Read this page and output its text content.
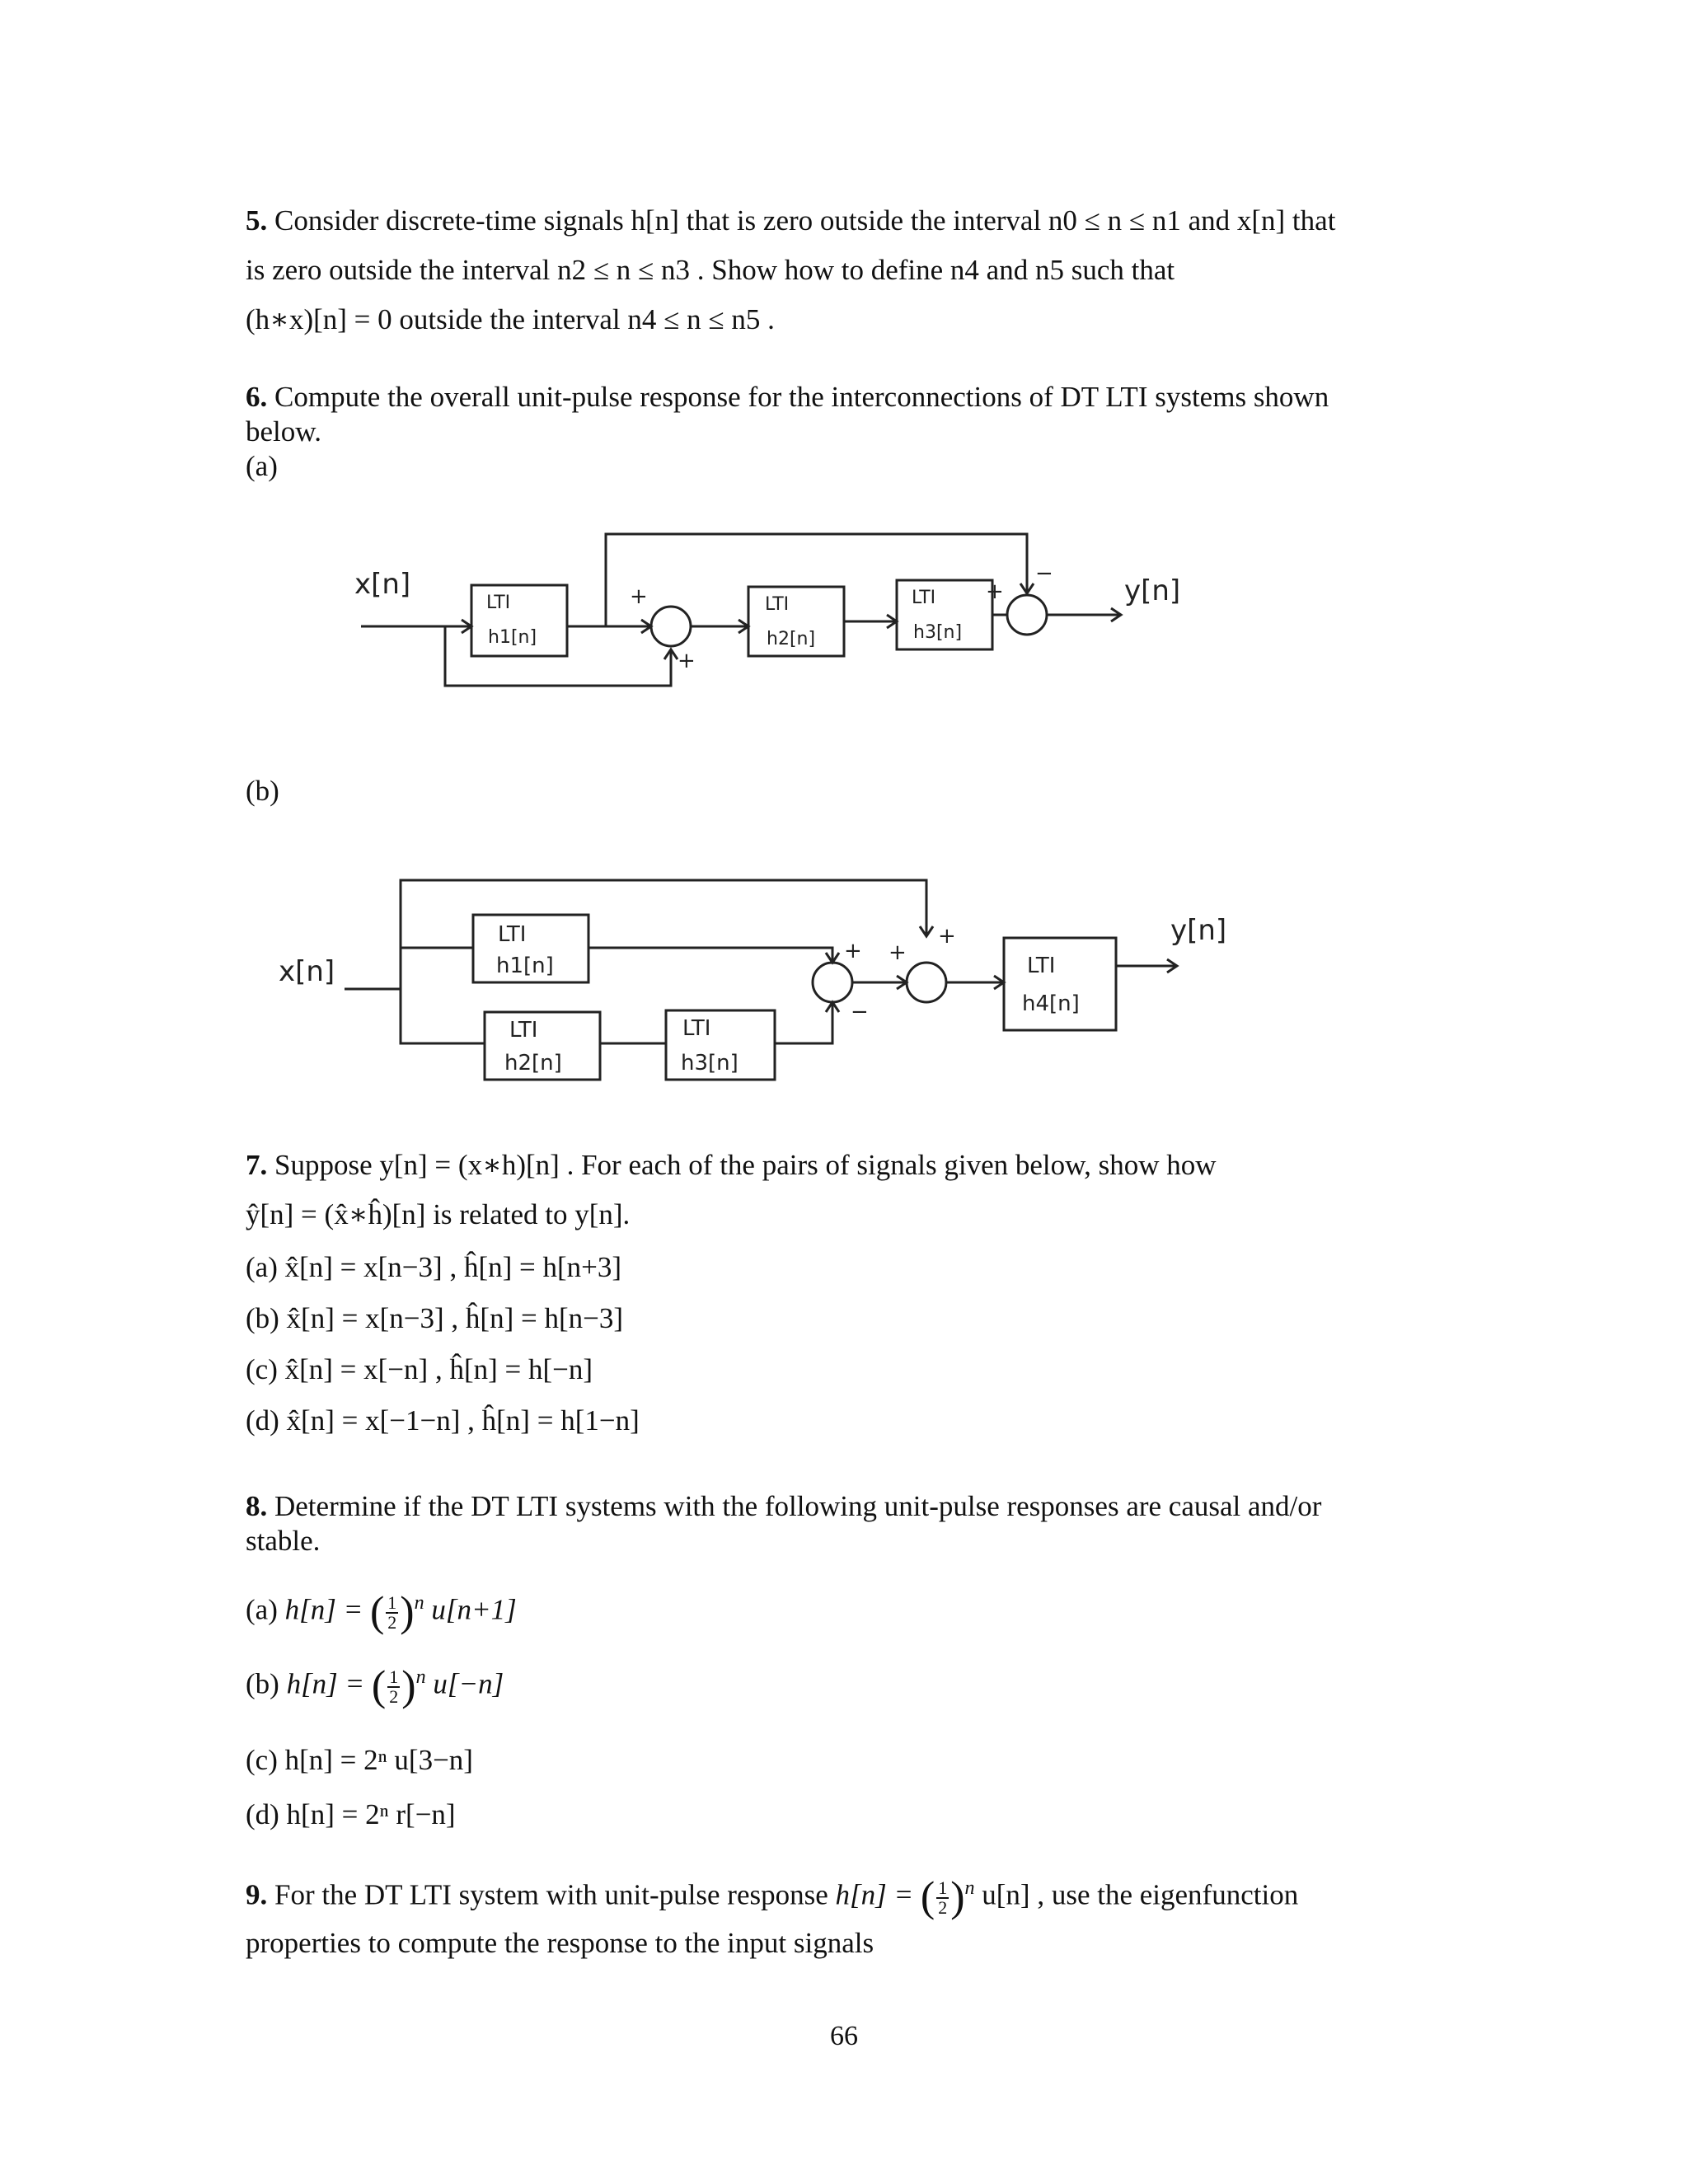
5. Consider discrete-time signals h[n] that is zero outside the interval n0 ≤ n ≤ n1 and x[n] that
is zero outside the interval n2 ≤ n ≤ n3 . Show how to define n4 and n5 such that
(h∗x)[n] = 0 outside the interval n4 ≤ n ≤ n5 .
6. Compute the overall unit-pulse response for the interconnections of DT LTI systems shown
below.
(a)
x[n]	y[n]
LTI
h1[n]
LTI
h2[n]
LTI
h3[n]
+
+
+
−
(b)
x[n]
y[n]
LTI
h1[n]
LTI
h2[n]
LTI
h3[n]
LTI
h4[n]
+
−
+
+
7. Suppose y[n] = (x∗h)[n] . For each of the pairs of signals given below, show how
ŷ[n] = (x̂∗ĥ)[n] is related to y[n].
(a) x̂[n] = x[n−3] , ĥ[n] = h[n+3]
(b) x̂[n] = x[n−3] , ĥ[n] = h[n−3]
(c) x̂[n] = x[−n] , ĥ[n] = h[−n]
(d) x̂[n] = x[−1−n] , ĥ[n] = h[1−n]
8. Determine if the DT LTI systems with the following unit-pulse responses are causal and/or
stable.
(a) h[n] = ( $\frac{1}{2} )^n$ u[n+1]
(b) h[n] = ( $\frac{1}{2} )^n$ u[−n]
(c) h[n] = 2ⁿ u[3−n]
(d) h[n] = 2ⁿ r[−n]
9. For the DT LTI system with unit-pulse response h[n] = ( $\frac{1}{2} )^n$ u[n] , use the eigenfunction
properties to compute the response to the input signals
66
